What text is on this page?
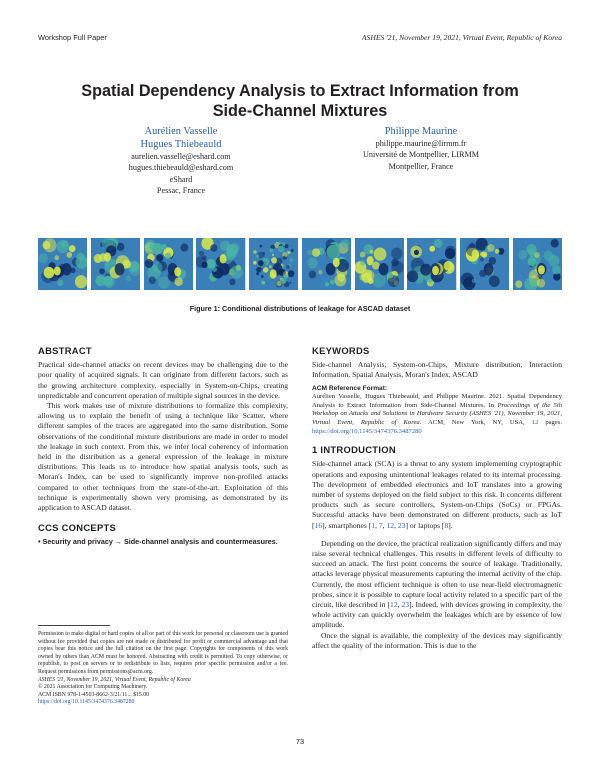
Workshop Full Paper	ASHES '21, November 19, 2021, Virtual Event, Republic of Korea
Spatial Dependency Analysis to Extract Information from Side-Channel Mixtures
Aurélien Vasselle
Hugues Thiebeauld
aurelien.vasselle@eshard.com
hugues.thiebeauld@eshard.com
eShard
Pessac, France
Philippe Maurine
philippe.maurine@lirmm.fr
Université de Montpellier, LIRMM
Montpellier, France
Figure 1: Conditional distributions of leakage for ASCAD dataset
ABSTRACT

Practical side-channel attacks on recent devices may be challenging due to the poor quality of acquired signals. It can originate from different factors, such as the growing architecture complexity, especially in System-on-Chips, creating unpredictable and concurrent operation of multiple signal sources in the device.

This work makes use of mixture distributions to formalize this complexity, allowing us to explain the benefit of using a technique like Scatter, where different samples of the traces are aggregated into the same distribution. Some observations of the conditional mixture distributions are made in order to model the leakage in such context. From this, we infer local coherency of information held in the distribution as a general expression of the leakage in mixture distributions. This leads us to introduce how spatial analysis tools, such as Moran's Index, can be used to significantly improve non-profiled attacks compared to other techniques from the state-of-the-art. Exploitation of this technique is experimentally shown very promising, as demonstrated by its application to ASCAD dataset.

CCS CONCEPTS
• Security and privacy → Side-channel analysis and countermeasures.

Permission to make digital or hard copies of all or part of this work for personal or classroom use is granted without fee provided that copies are not made or distributed for profit or commercial advantage and that copies bear this notice and the full citation on the first page. Copyrights for components of this work owned by others than ACM must be honored. Abstracting with credit is permitted. To copy otherwise, or republish, to post on servers or to redistribute to lists, requires prior specific permission and/or a fee. Request permissions from permissions@acm.org.

ASHES '21, November 19, 2021, Virtual Event, Republic of Korea
© 2021 Association for Computing Machinery.
ACM ISBN 978-1-4503-8662-3/21/11... $15.00
https://doi.org/10.1145/3474376.3487280
KEYWORDS

Side-channel Analysis, System-on-Chips, Mixture distribution, Interaction Information, Spatial Analysis, Moran's Index, ASCAD

ACM Reference Format:

Aurélien Vasselle, Hugues Thiebeauld, and Philippe Maurine. 2021. Spatial Dependency Analysis to Extract Information from Side-Channel Mixtures. In Proceedings of the 5th Workshop on Attacks and Solutions in Hardware Security (ASHES '21), November 19, 2021, Virtual Event, Republic of Korea. ACM, New York, NY, USA, 12 pages. https://doi.org/10.1145/3474376.3487280

1 INTRODUCTION

Side-channel attack (SCA) is a threat to any system implementing cryptographic operations and exposing unintentional leakages related to its internal processing. The development of embedded electronics and IoT translates into a growing number of systems deployed on the field subject to this risk. It concerns different products such as secure controllers, System-on-Chips (SoCs) or FPGAs. Successful attacks have been demonstrated on different products, such as IoT [16], smartphones [1, 7, 12, 23] or laptops [8].

Depending on the device, the practical realization significantly differs and may raise several technical challenges. This results in different levels of difficulty to succeed an attack. The first point concerns the source of leakage. Traditionally, attacks leverage physical measurements capturing the internal activity of the chip. Currently, the most efficient technique is often to use near-field electromagnetic probes, since it is possible to capture local activity related to a specific part of the circuit, like described in [12, 23]. Indeed, with devices growing in complexity, the whole activity can quickly overwhelm the leakages which are by essence of low amplitude.

Once the signal is available, the complexity of the devices may significantly affect the quality of the information. This is due to the

73
